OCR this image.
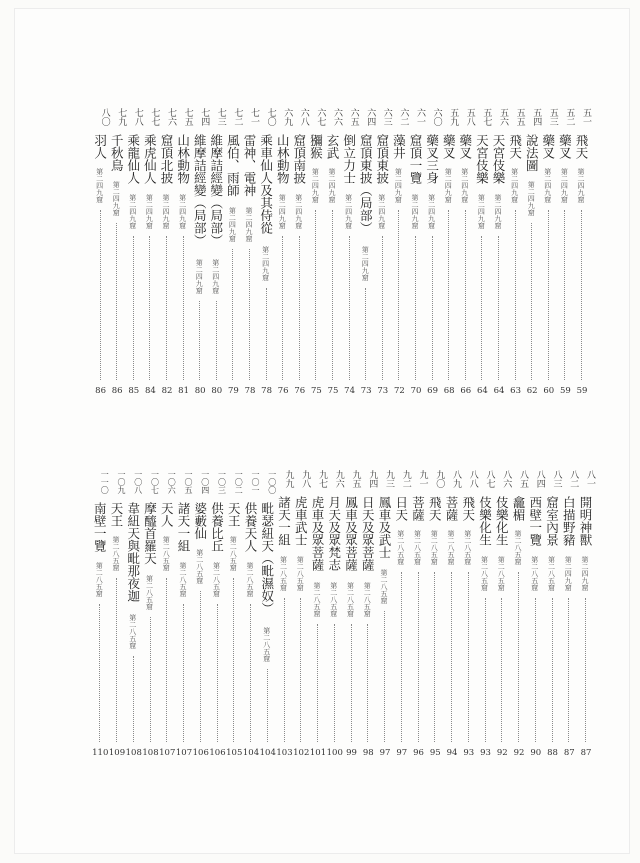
五一
飛天
第二四九窟
59
五二
藥叉
第二四九窟
59
五三
藥叉
第二四九窟
60
五四
說法圖
第二四九窟
62
五五
飛天
第二四九窟
63
五六
天宮伎樂
第二四九窟
64
五七
天宮伎樂
第二四九窟
64
五八
藥叉
第二四九窟
66
五九
藥叉
第二四九窟
68
六〇
藥叉三身
第二四九窟
69
六一
窟頂一覽
第二四九窟
70
六二
藻井
第二四九窟
72
六三
窟頂東披
第二四九窟
73
六四
窟頂東披（局部）
第二四九窟
73
六五
倒立力士
第二四九窟
74
六六
玄武
第二四九窟
75
六七
獼猴
第二四九窟
75
六八
窟頂南披
第二四九窟
76
六九
山林動物
第二四九窟
76
七〇
乘車仙人及其侍從
第二四九窟
78
七一
雷神、電神
第二四九窟
78
七二
風伯、雨師
第二四九窟
79
七三
維摩詰經變（局部）
第二四九窟
80
七四
維摩詰經變（局部）
第二四九窟
80
七五
山林動物
第二四九窟
81
七六
窟頂北披
第二四九窟
82
七七
乘虎仙人
第二四九窟
84
七八
乘龍仙人
第二四九窟
85
七九
千秋鳥
第二四九窟
86
八〇
羽人
第二四九窟
86
八一
開明神獸
第二四九窟
87
八二
白描野豬
第二四九窟
87
八三
窟室內景
第二八五窟
88
八四
西壁一覽
第二八五窟
90
八五
龕楣
第二八五窟
92
八六
伎樂化生
第二八五窟
92
八七
伎樂化生
第二八五窟
93
八八
飛天
第二八五窟
93
八九
菩薩
第二八五窟
94
九〇
飛天
第二八五窟
95
九一
菩薩
第二八五窟
96
九二
日天
第二八五窟
97
九三
鳳車及武士
第二八五窟
97
九四
日天及眾菩薩
第二八五窟
98
九五
鳳車及眾菩薩
第二八五窟
99
九六
月天及眾梵志
第二八五窟
100
九七
虎車及眾菩薩
第二八五窟
101
九八
虎車武士
第二八五窟
102
九九
諸天一組
第二八五窟
103
一〇〇
毗瑟紐天（毗濕奴）
第二八五窟
104
一〇一
供養天人
第二八五窟
104
一〇二
天王
第二八五窟
105
一〇三
供養比丘
第二八五窟
106
一〇四
婆藪仙
第二八五窟
106
一〇五
諸天一組
第二八五窟
107
一〇六
天人
第二八五窟
107
一〇七
摩醯首羅天
第二八五窟
108
一〇八
韋紐天與毗那夜迦
第二八五窟
108
一〇九
天王
第二八五窟
109
一一〇
南壁一覽
第二八五窟
110
